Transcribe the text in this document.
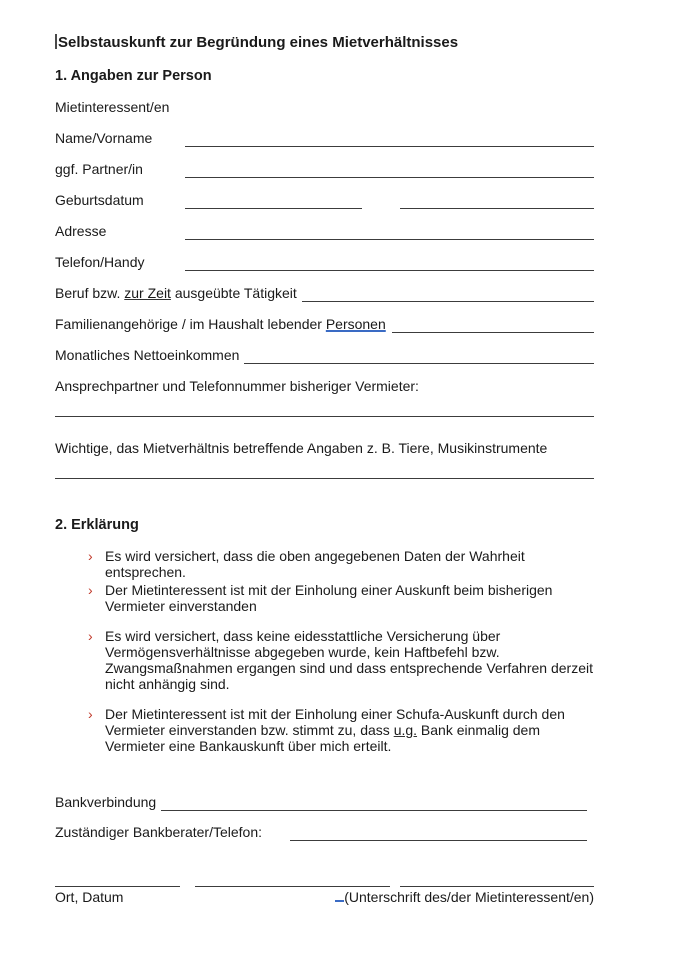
Selbstauskunft zur Begründung eines Mietverhältnisses
1. Angaben zur Person

Mietinteressent/en

Name/Vorname
ggf. Partner/in
Geburtsdatum
Adresse
Telefon/Handy
Beruf bzw. zur Zeit ausgeübte Tätigkeit
Familienangehörige / im Haushalt lebender Personen
Monatliches Nettoeinkommen

Ansprechpartner und Telefonnummer bisheriger Vermieter:

Wichtige, das Mietverhältnis betreffende Angaben z. B. Tiere, Musikinstrumente

2. Erklärung
› Es wird versichert, dass die oben angegebenen Daten der Wahrheit entsprechen.
› Der Mietinteressent ist mit der Einholung einer Auskunft beim bisherigen Vermieter einverstanden
› Es wird versichert, dass keine eidesstattliche Versicherung über Vermögensverhältnisse abgegeben wurde, kein Haftbefehl bzw. Zwangsmaßnahmen ergangen sind und dass entsprechende Verfahren derzeit nicht anhängig sind.
› Der Mietinteressent ist mit der Einholung einer Schufa-Auskunft durch den Vermieter einverstanden bzw. stimmt zu, dass u.g. Bank einmalig dem Vermieter eine Bankauskunft über mich erteilt.
Bankverbindung
Zuständiger Bankberater/Telefon:
Ort, Datum	(Unterschrift des/der Mietinteressent/en)
